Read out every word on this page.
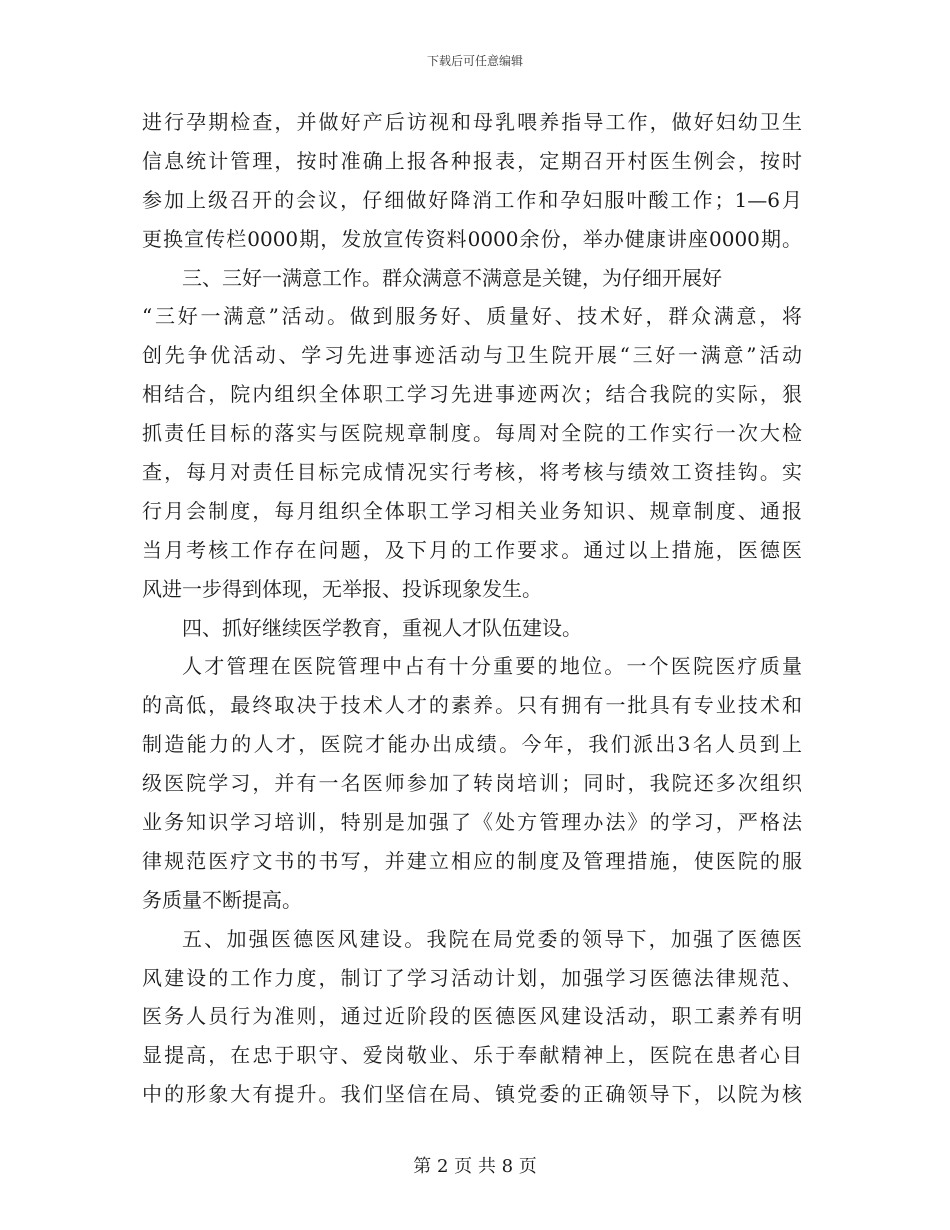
下载后可任意编辑
进行孕期检查，并做好产后访视和母乳喂养指导工作，做好妇幼卫生
信息统计管理，按时准确上报各种报表，定期召开村医生例会，按时
参加上级召开的会议，仔细做好降消工作和孕妇服叶酸工作；1—6月
更换宣传栏0000期，发放宣传资料0000余份，举办健康讲座0000期。
三、三好一满意工作。群众满意不满意是关键，为仔细开展好
“三好一满意”活动。做到服务好、质量好、技术好，群众满意，将
创先争优活动、学习先进事迹活动与卫生院开展“三好一满意”活动
相结合，院内组织全体职工学习先进事迹两次；结合我院的实际，狠
抓责任目标的落实与医院规章制度。每周对全院的工作实行一次大检
查，每月对责任目标完成情况实行考核，将考核与绩效工资挂钩。实
行月会制度，每月组织全体职工学习相关业务知识、规章制度、通报
当月考核工作存在问题，及下月的工作要求。通过以上措施，医德医
风进一步得到体现，无举报、投诉现象发生。
四、抓好继续医学教育，重视人才队伍建设。
人才管理在医院管理中占有十分重要的地位。一个医院医疗质量
的高低，最终取决于技术人才的素养。只有拥有一批具有专业技术和
制造能力的人才，医院才能办出成绩。今年，我们派出3名人员到上
级医院学习，并有一名医师参加了转岗培训；同时，我院还多次组织
业务知识学习培训，特别是加强了《处方管理办法》的学习，严格法
律规范医疗文书的书写，并建立相应的制度及管理措施，使医院的服
务质量不断提高。
五、加强医德医风建设。我院在局党委的领导下，加强了医德医
风建设的工作力度，制订了学习活动计划，加强学习医德法律规范、
医务人员行为准则，通过近阶段的医德医风建设活动，职工素养有明
显提高，在忠于职守、爱岗敬业、乐于奉献精神上，医院在患者心目
中的形象大有提升。我们坚信在局、镇党委的正确领导下，以院为核
第 2 页 共 8 页
